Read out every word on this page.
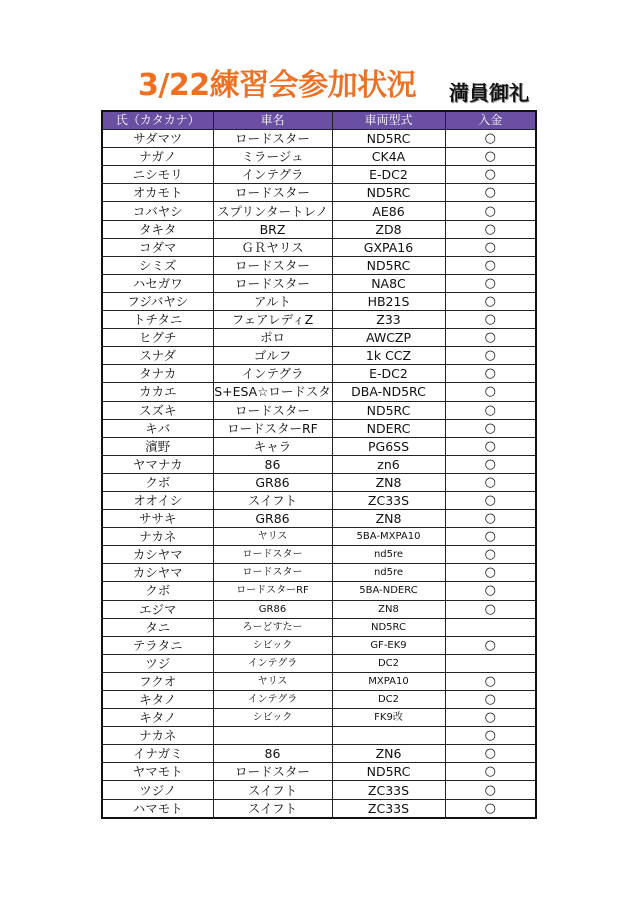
3/22練習会参加状況 満員御礼
氏（カタカナ）	車名	車両型式	入金
サダマツ	ロードスター	ND5RC	○
ナガノ	ミラージュ	CK4A	○
ニシモリ	インテグラ	E-DC2	○
オカモト	ロードスター	ND5RC	○
コバヤシ	スプリンタートレノ	AE86	○
タキタ	BRZ	ZD8	○
コダマ	ＧＲヤリス	GXPA16	○
シミズ	ロードスター	ND5RC	○
ハセガワ	ロードスター	NA8C	○
フジバヤシ	アルト	HB21S	○
トチタニ	フェアレディZ	Z33	○
ヒグチ	ポロ	AWCZP	○
スナダ	ゴルフ	1k CCZ	○
タナカ	インテグラ	E-DC2	○
カカエ	S+ESA☆ロードスタ	DBA-ND5RC	○
スズキ	ロードスター	ND5RC	○
キバ	ロードスターRF	NDERC	○
濱野	キャラ	PG6SS	○
ヤマナカ	86	zn6	○
クボ	GR86	ZN8	○
オオイシ	スイフト	ZC33S	○
ササキ	GR86	ZN8	○
ナカネ	ヤリス	5BA-MXPA10	○
カシヤマ	ロードスター	nd5re	○
カシヤマ	ロードスター	nd5re	○
クボ	ロードスターRF	5BA-NDERC	○
エジマ	GR86	ZN8	○
タニ	ろーどすたー	ND5RC	
テラタニ	シビック	GF-EK9	○
ツジ	インテグラ	DC2	
フクオ	ヤリス	MXPA10	○
キタノ	インテグラ	DC2	○
キタノ	シビック	FK9改	○
ナカネ			○
イナガミ	86	ZN6	○
ヤマモト	ロードスター	ND5RC	○
ツジノ	スイフト	ZC33S	○
ハマモト	スイフト	ZC33S	○
